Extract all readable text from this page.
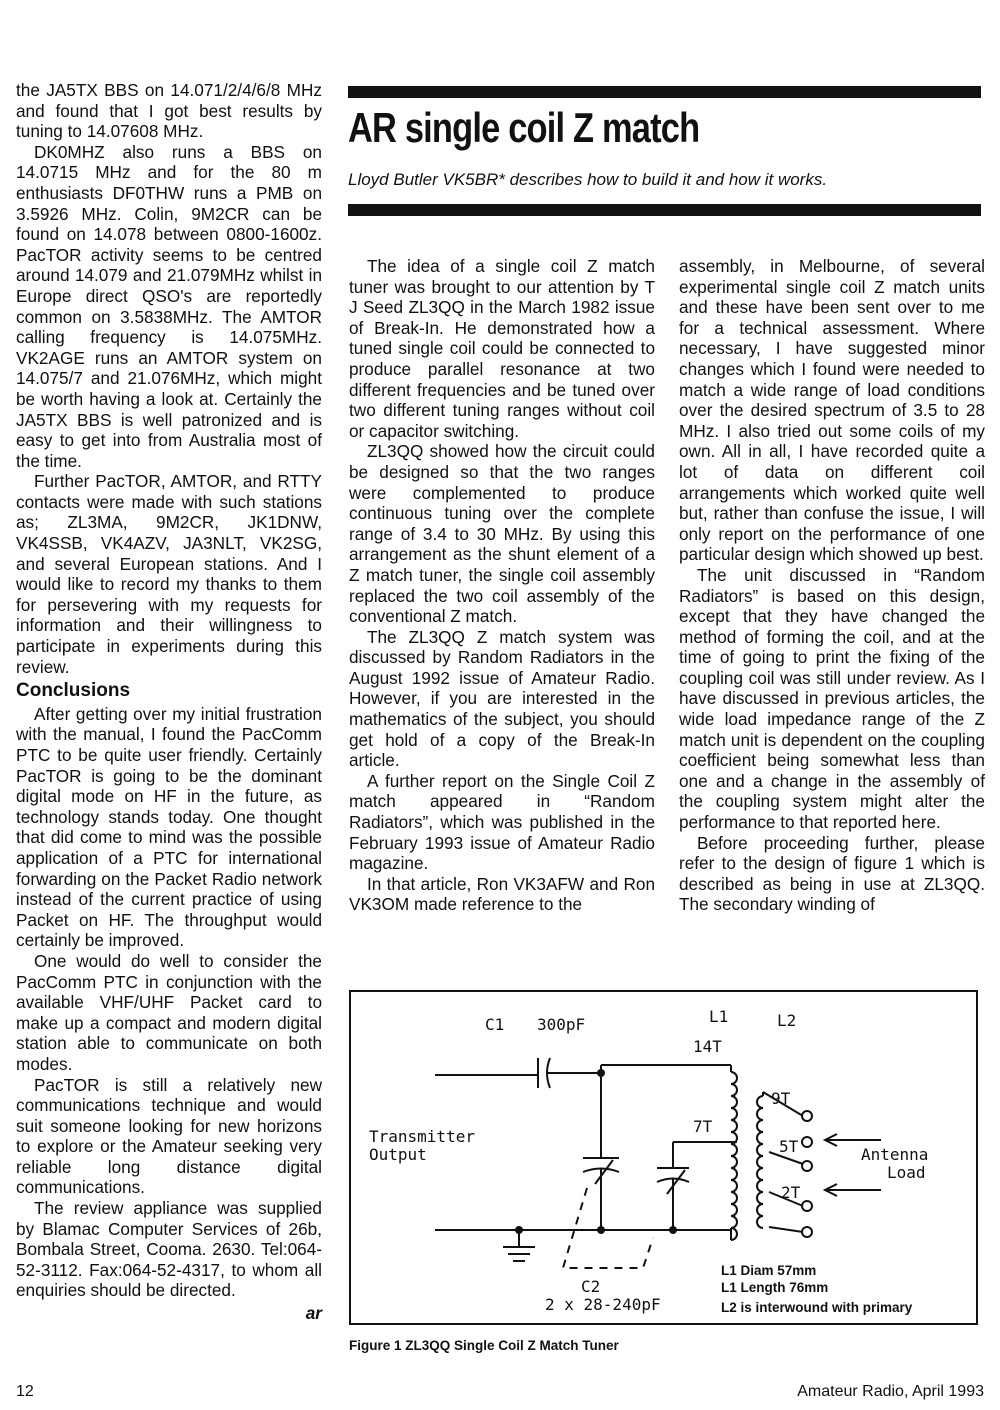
the JA5TX BBS on 14.071/2/4/6/8 MHz and found that I got best results by tuning to 14.07608 MHz.

DK0MHZ also runs a BBS on 14.0715 MHz and for the 80 m enthusiasts DF0THW runs a PMB on 3.5926 MHz. Colin, 9M2CR can be found on 14.078 between 0800-1600z. PacTOR activity seems to be centred around 14.079 and 21.079MHz whilst in Europe direct QSO's are reportedly common on 3.5838MHz. The AMTOR calling frequency is 14.075MHz. VK2AGE runs an AMTOR system on 14.075/7 and 21.076MHz, which might be worth having a look at. Certainly the JA5TX BBS is well patronized and is easy to get into from Australia most of the time.

Further PacTOR, AMTOR, and RTTY contacts were made with such stations as; ZL3MA, 9M2CR, JK1DNW, VK4SSB, VK4AZV, JA3NLT, VK2SG, and several European stations. And I would like to record my thanks to them for persevering with my requests for information and their willingness to participate in experiments during this review.

Conclusions

After getting over my initial frustration with the manual, I found the PacComm PTC to be quite user friendly. Certainly PacTOR is going to be the dominant digital mode on HF in the future, as technology stands today. One thought that did come to mind was the possible application of a PTC for international forwarding on the Packet Radio network instead of the current practice of using Packet on HF. The throughput would certainly be improved.

One would do well to consider the PacComm PTC in conjunction with the available VHF/UHF Packet card to make up a compact and modern digital station able to communicate on both modes.

PacTOR is still a relatively new communications technique and would suit someone looking for new horizons to explore or the Amateur seeking very reliable long distance digital communications.

The review appliance was supplied by Blamac Computer Services of 26b, Bombala Street, Cooma. 2630. Tel:064-52-3112. Fax:064-52-4317, to whom all enquiries should be directed.

ar
AR single coil Z match
Lloyd Butler VK5BR* describes how to build it and how it works.

The idea of a single coil Z match tuner was brought to our attention by T J Seed ZL3QQ in the March 1982 issue of Break-In. He demonstrated how a tuned single coil could be connected to produce parallel resonance at two different frequencies and be tuned over two different tuning ranges without coil or capacitor switching.

ZL3QQ showed how the circuit could be designed so that the two ranges were complemented to produce continuous tuning over the complete range of 3.4 to 30 MHz. By using this arrangement as the shunt element of a Z match tuner, the single coil assembly replaced the two coil assembly of the conventional Z match.

The ZL3QQ Z match system was discussed by Random Radiators in the August 1992 issue of Amateur Radio. However, if you are interested in the mathematics of the subject, you should get hold of a copy of the Break-In article.

A further report on the Single Coil Z match appeared in “Random Radiators”, which was published in the February 1993 issue of Amateur Radio magazine.

In that article, Ron VK3AFW and Ron VK3OM made reference to the

assembly, in Melbourne, of several experimental single coil Z match units and these have been sent over to me for a technical assessment. Where necessary, I have suggested minor changes which I found were needed to match a wide range of load conditions over the desired spectrum of 3.5 to 28 MHz. I also tried out some coils of my own. All in all, I have recorded quite a lot of data on different coil arrangements which worked quite well but, rather than confuse the issue, I will only report on the performance of one particular design which showed up best.

The unit discussed in “Random Radiators” is based on this design, except that they have changed the method of forming the coil, and at the time of going to print the fixing of the coupling coil was still under review. As I have discussed in previous articles, the wide load impedance range of the Z match unit is dependent on the coupling coefficient being somewhat less than one and a change in the assembly of the coupling system might alter the performance to that reported here.

Before proceeding further, please refer to the design of figure 1 which is described as being in use at ZL3QQ. The secondary winding of

C1 300pF	L1	L2
14T
7T
9T
5T
2T
Transmitter
Output	Antenna
Load
C2
2 x 28-240pF
L1 Diam 57mm
L1 Length 76mm
L2 is interwound with primary
Figure 1 ZL3QQ Single Coil Z Match Tuner
12	Amateur Radio, April 1993
